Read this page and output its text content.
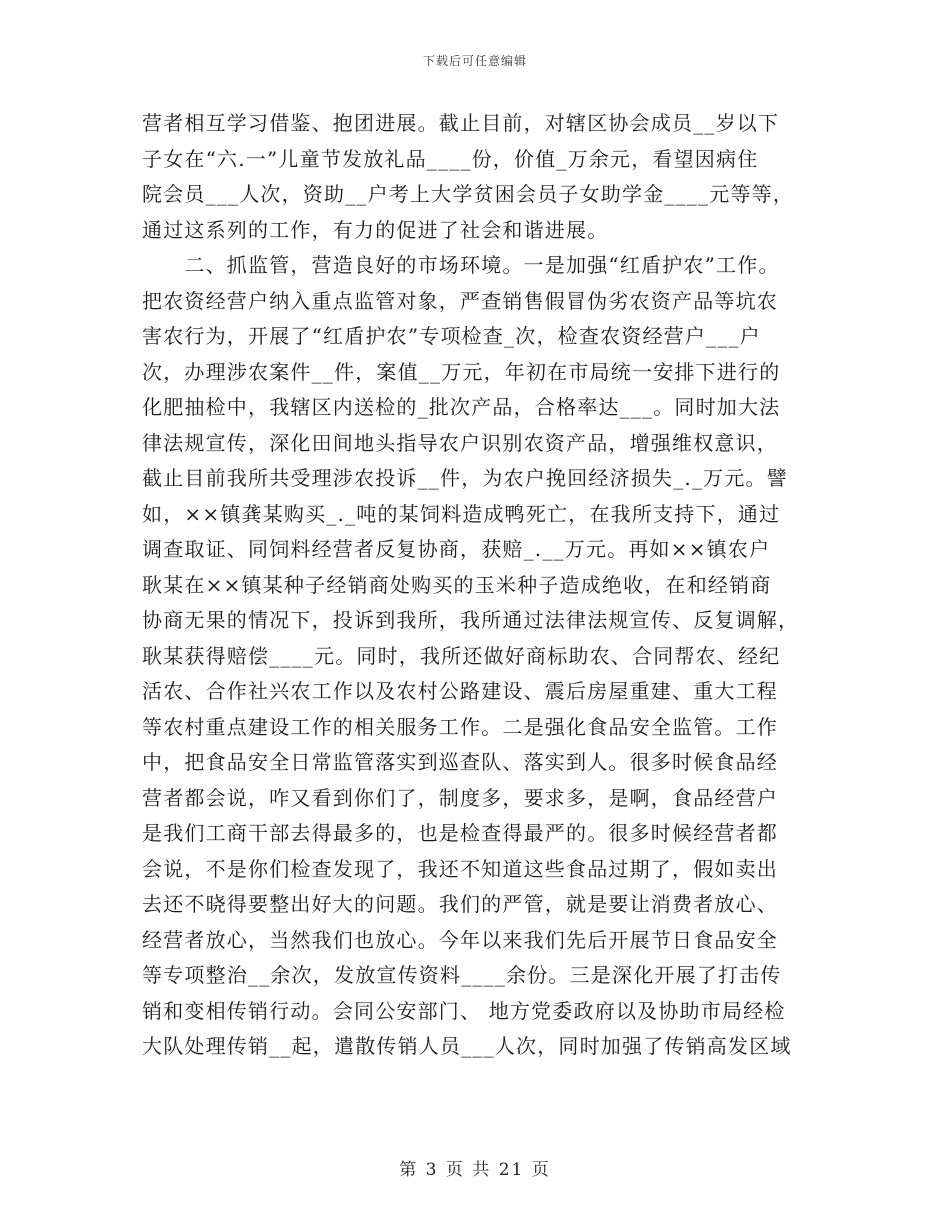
下载后可任意编辑
营者相互学习借鉴、抱团进展。截止目前，对辖区协会成员__岁以下
子女在“六.一”儿童节发放礼品____份，价值_万余元，看望因病住
院会员___人次，资助__户考上大学贫困会员子女助学金____元等等，
通过这系列的工作，有力的促进了社会和谐进展。
　　二、抓监管，营造良好的市场环境。一是加强“红盾护农”工作。
把农资经营户纳入重点监管对象，严查销售假冒伪劣农资产品等坑农
害农行为，开展了“红盾护农”专项检查_次，检查农资经营户___户
次，办理涉农案件__件，案值__万元，年初在市局统一安排下进行的
化肥抽检中，我辖区内送检的_批次产品，合格率达___。同时加大法
律法规宣传，深化田间地头指导农户识别农资产品，增强维权意识，
截止目前我所共受理涉农投诉__件，为农户挽回经济损失_._万元。譬
如，××镇龚某购买_._吨的某饲料造成鸭死亡，在我所支持下，通过
调查取证、同饲料经营者反复协商，获赔_.__万元。再如××镇农户
耿某在××镇某种子经销商处购买的玉米种子造成绝收，在和经销商
协商无果的情况下，投诉到我所，我所通过法律法规宣传、反复调解，
耿某获得赔偿____元。同时，我所还做好商标助农、合同帮农、经纪
活农、合作社兴农工作以及农村公路建设、震后房屋重建、重大工程
等农村重点建设工作的相关服务工作。二是强化食品安全监管。工作
中，把食品安全日常监管落实到巡查队、落实到人。很多时候食品经
营者都会说，咋又看到你们了，制度多，要求多，是啊，食品经营户
是我们工商干部去得最多的，也是检查得最严的。很多时候经营者都
会说，不是你们检查发现了，我还不知道这些食品过期了，假如卖出
去还不晓得要整出好大的问题。我们的严管，就是要让消费者放心、
经营者放心，当然我们也放心。今年以来我们先后开展节日食品安全
等专项整治__余次，发放宣传资料____余份。三是深化开展了打击传
销和变相传销行动。会同公安部门、 地方党委政府以及协助市局经检
大队处理传销__起，遣散传销人员___人次，同时加强了传销高发区域
第 3 页 共 21 页
